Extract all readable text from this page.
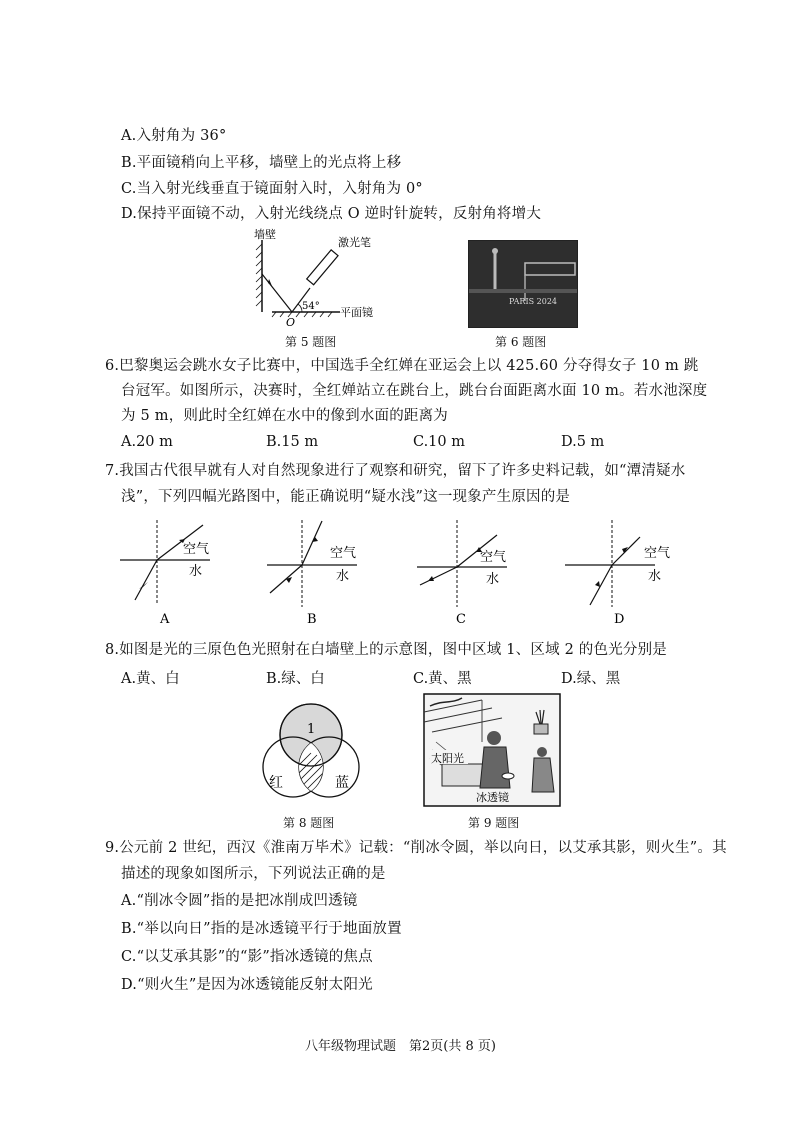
A.入射角为 36°
B.平面镜稍向上平移，墙壁上的光点将上移
C.当入射光线垂直于镜面射入时，入射角为 0°
D.保持平面镜不动，入射光线绕点 O 逆时针旋转，反射角将增大
墙壁
激光笔
54° 平面镜
O
第 5 题图
PARIS 2024
第 6 题图
6.巴黎奥运会跳水女子比赛中，中国选手全红婵在亚运会上以 425.60 分夺得女子 10 m 跳
台冠军。如图所示，决赛时，全红婵站立在跳台上，跳台台面距离水面 10 m。若水池深度
为 5 m，则此时全红婵在水中的像到水面的距离为
A.20 m	B.15 m	C.10 m	D.5 m
7.我国古代很早就有人对自然现象进行了观察和研究，留下了许多史料记载，如“潭清疑水
浅”，下列四幅光路图中，能正确说明“疑水浅”这一现象产生原因的是
空气
水
A
空气
水
B
空气
水
C
空气
水
D
8.如图是光的三原色色光照射在白墙壁上的示意图，图中区域 1、区域 2 的色光分别是
A.黄、白	B.绿、白	C.黄、黑	D.绿、黑
1
红	蓝
第 8 题图
太阳光
冰透镜
第 9 题图
9.公元前 2 世纪，西汉《淮南万毕术》记载：“削冰令圆，举以向日，以艾承其影，则火生”。其
描述的现象如图所示，下列说法正确的是
A.“削冰令圆”指的是把冰削成凹透镜
B.“举以向日”指的是冰透镜平行于地面放置
C.“以艾承其影”的“影”指冰透镜的焦点
D.“则火生”是因为冰透镜能反射太阳光
八年级物理试题　第2页(共 8 页)
